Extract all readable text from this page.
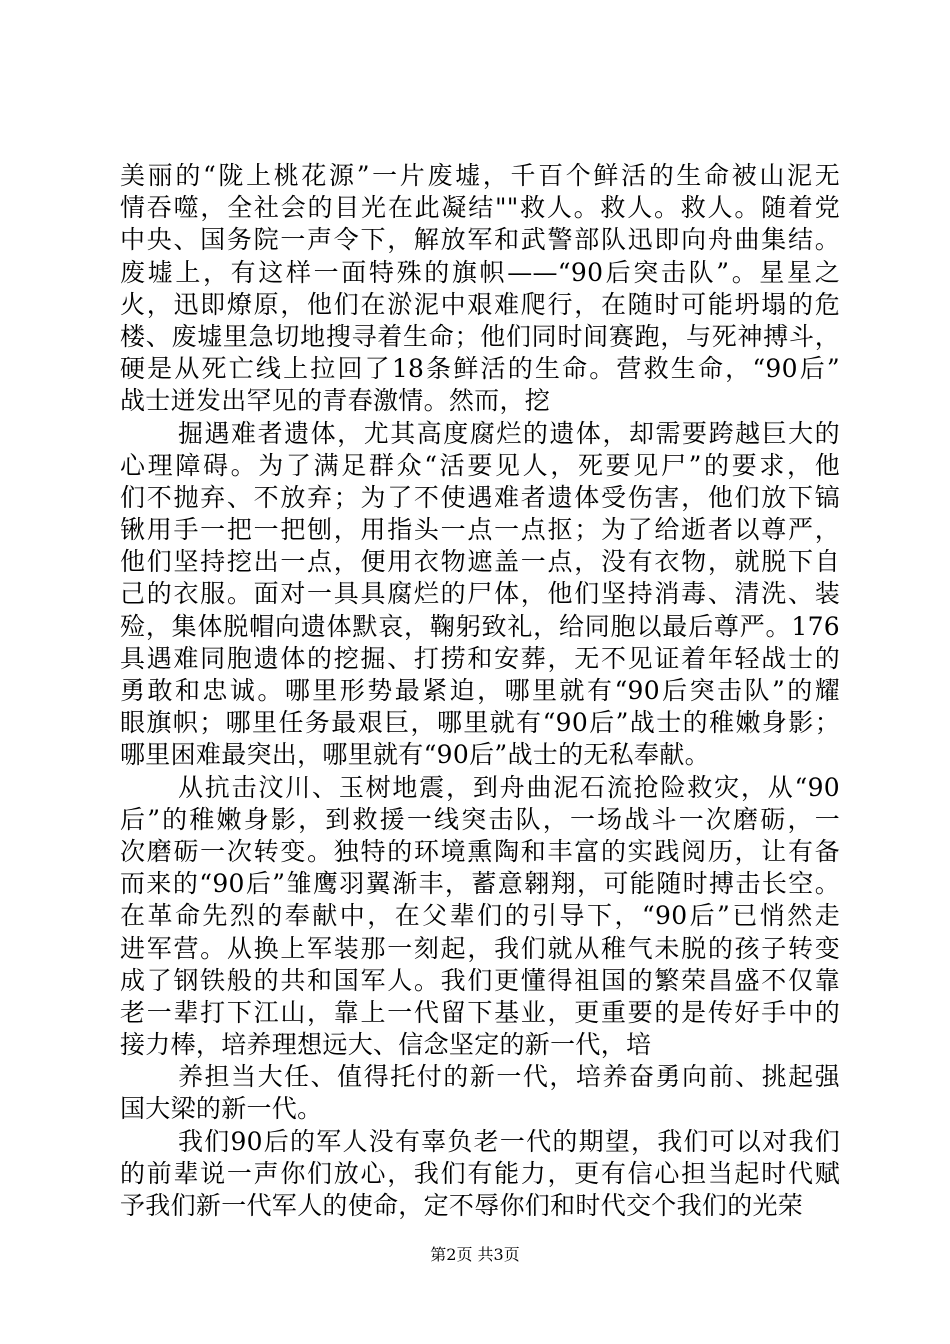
美丽的“陇上桃花源”一片废墟，千百个鲜活的生命被山泥无
情吞噬，全社会的目光在此凝结""救人。救人。救人。随着党
中央、国务院一声令下，解放军和武警部队迅即向舟曲集结。
废墟上，有这样一面特殊的旗帜——“90后突击队”。星星之
火，迅即燎原，他们在淤泥中艰难爬行，在随时可能坍塌的危
楼、废墟里急切地搜寻着生命；他们同时间赛跑，与死神搏斗，
硬是从死亡线上拉回了18条鲜活的生命。营救生命，“90后”
战士迸发出罕见的青春激情。然而，挖
掘遇难者遗体，尤其高度腐烂的遗体，却需要跨越巨大的
心理障碍。为了满足群众“活要见人，死要见尸”的要求，他
们不抛弃、不放弃；为了不使遇难者遗体受伤害，他们放下镐
锹用手一把一把刨，用指头一点一点抠；为了给逝者以尊严，
他们坚持挖出一点，便用衣物遮盖一点，没有衣物，就脱下自
己的衣服。面对一具具腐烂的尸体，他们坚持消毒、清洗、装
殓，集体脱帽向遗体默哀，鞠躬致礼，给同胞以最后尊严。176
具遇难同胞遗体的挖掘、打捞和安葬，无不见证着年轻战士的
勇敢和忠诚。哪里形势最紧迫，哪里就有“90后突击队”的耀
眼旗帜；哪里任务最艰巨，哪里就有“90后”战士的稚嫩身影；
哪里困难最突出，哪里就有“90后”战士的无私奉献。
从抗击汶川、玉树地震，到舟曲泥石流抢险救灾，从“90
后”的稚嫩身影，到救援一线突击队，一场战斗一次磨砺，一
次磨砺一次转变。独特的环境熏陶和丰富的实践阅历，让有备
而来的“90后”雏鹰羽翼渐丰，蓄意翱翔，可能随时搏击长空。
在革命先烈的奉献中，在父辈们的引导下，“90后”已悄然走
进军营。从换上军装那一刻起，我们就从稚气未脱的孩子转变
成了钢铁般的共和国军人。我们更懂得祖国的繁荣昌盛不仅靠
老一辈打下江山，靠上一代留下基业，更重要的是传好手中的
接力棒，培养理想远大、信念坚定的新一代，培
养担当大任、值得托付的新一代，培养奋勇向前、挑起强
国大梁的新一代。
我们90后的军人没有辜负老一代的期望，我们可以对我们
的前辈说一声你们放心，我们有能力，更有信心担当起时代赋
予我们新一代军人的使命，定不辱你们和时代交个我们的光荣
第2页 共3页
